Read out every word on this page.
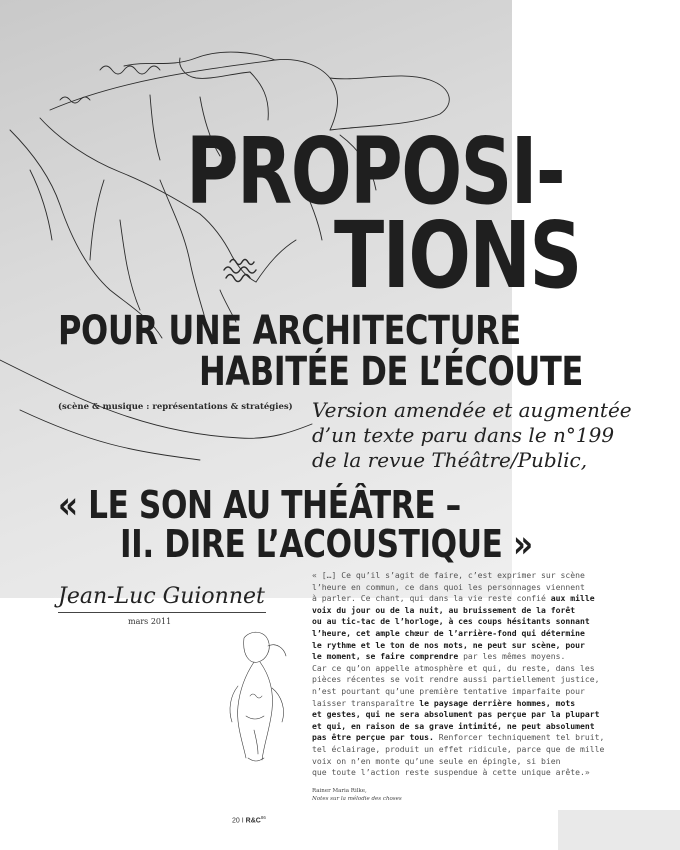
PROPOSI-
TIONS
POUR UNE ARCHITECTURE
HABITÉE DE L’ÉCOUTE
(scène & musique : représentations & stratégies) Version amendée et augmentée
d’un texte paru dans le n°199
de la revue Théâtre/Public,
« LE SON AU THÉÂTRE –
II. DIRE L’ACOUSTIQUE »
Jean-Luc Guionnet
mars 2011
« […] Ce qu’il s’agit de faire, c’est exprimer sur scène
l’heure en commun, ce dans quoi les personnages viennent
à parler. Ce chant, qui dans la vie reste confié aux mille
voix du jour ou de la nuit, au bruissement de la forêt
ou au tic-tac de l’horloge, à ces coups hésitants sonnant
l’heure, cet ample chœur de l’arrière-fond qui détermine
le rythme et le ton de nos mots, ne peut sur scène, pour
le moment, se faire comprendre par les mêmes moyens.
Car ce qu’on appelle atmosphère et qui, du reste, dans les
pièces récentes se voit rendre aussi partiellement justice,
n’est pourtant qu’une première tentative imparfaite pour
laisser transparaître le paysage derrière hommes, mots
et gestes, qui ne sera absolument pas perçue par la plupart
et qui, en raison de sa grave intimité, ne peut absolument
pas être perçue par tous. Renforcer techniquement tel bruit,
tel éclairage, produit un effet ridicule, parce que de mille
voix on n’en monte qu’une seule en épingle, si bien
que toute l’action reste suspendue à cette unique arête.»
Rainer Maria Rilke,
Notes sur la mélodie des choses
20 I $R\&C^{86}$
